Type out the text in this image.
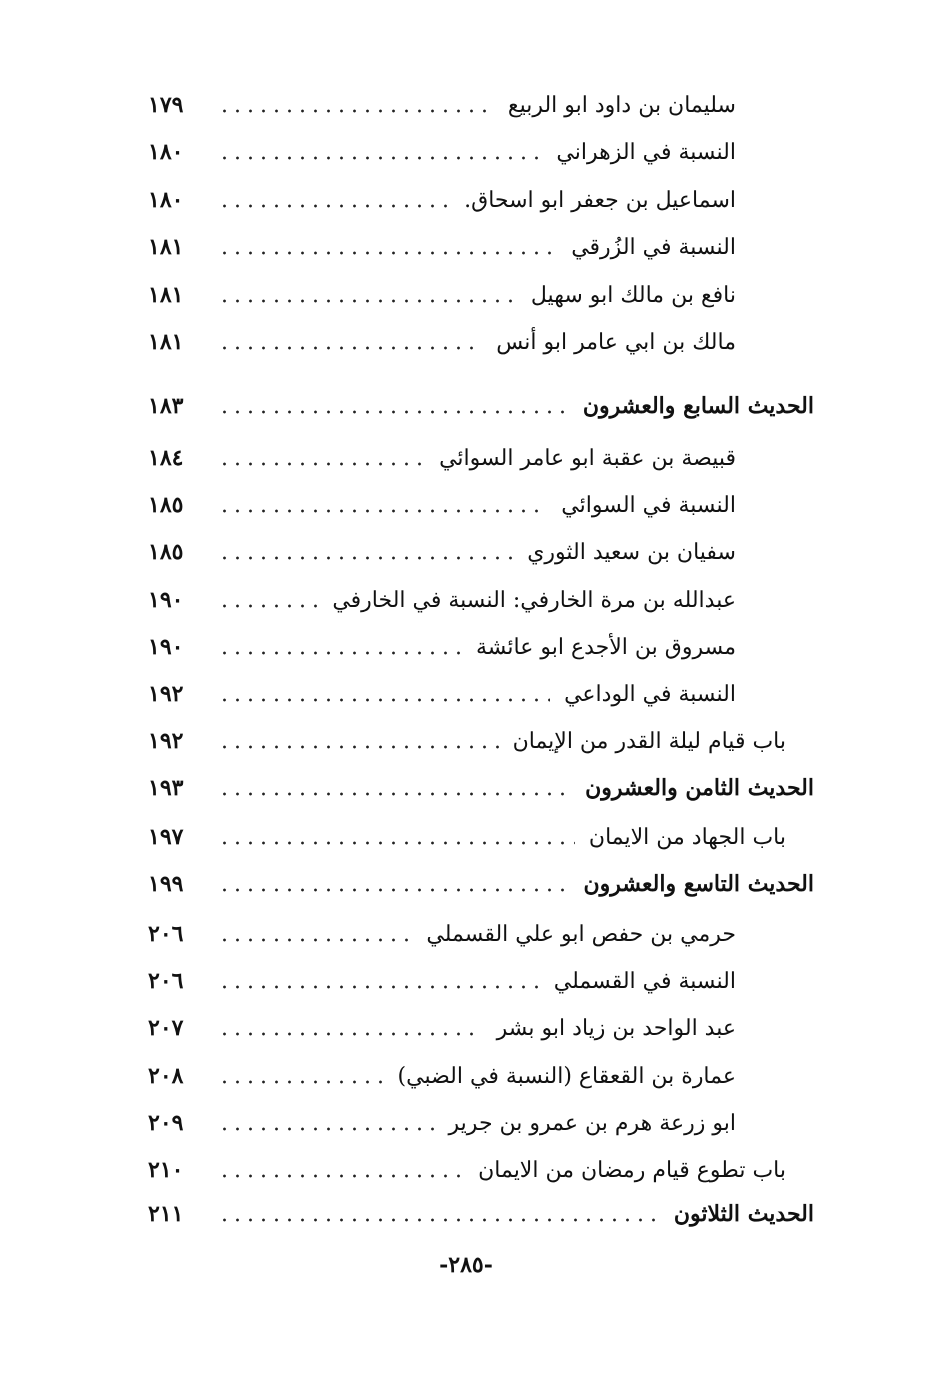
١٧٩	سليمان بن داود ابو الربيع
١٨٠	النسبة في الزهراني
١٨٠	اسماعيل بن جعفر ابو اسحاق.
١٨١	النسبة في الزُرقي
١٨١	نافع بن مالك ابو سهيل
١٨١	مالك بن ابي عامر ابو أنس
١٨٣	الحديث السابع والعشرون
١٨٤	قبيصة بن عقبة ابو عامر السوائي
١٨٥	النسبة في السوائي
١٨٥	سفيان بن سعيد الثوري
١٩٠	عبدالله بن مرة الخارفي: النسبة في الخارفي
١٩٠	مسروق بن الأجدع ابو عائشة
١٩٢	النسبة في الوداعي
١٩٢	باب قيام ليلة القدر من الإيمان
١٩٣	الحديث الثامن والعشرون
١٩٧	باب الجهاد من الايمان
١٩٩	الحديث التاسع والعشرون
٢٠٦	حرمي بن حفص ابو علي القسملي
٢٠٦	النسبة في القسملي
٢٠٧	عبد الواحد بن زياد ابو بشر
٢٠٨	عمارة بن القعقاع (النسبة في الضبي)
٢٠٩	ابو زرعة هرم بن عمرو بن جرير
٢١٠	باب تطوع قيام رمضان من الايمان
٢١١	الحديث الثلاثون
-٢٨٥-
